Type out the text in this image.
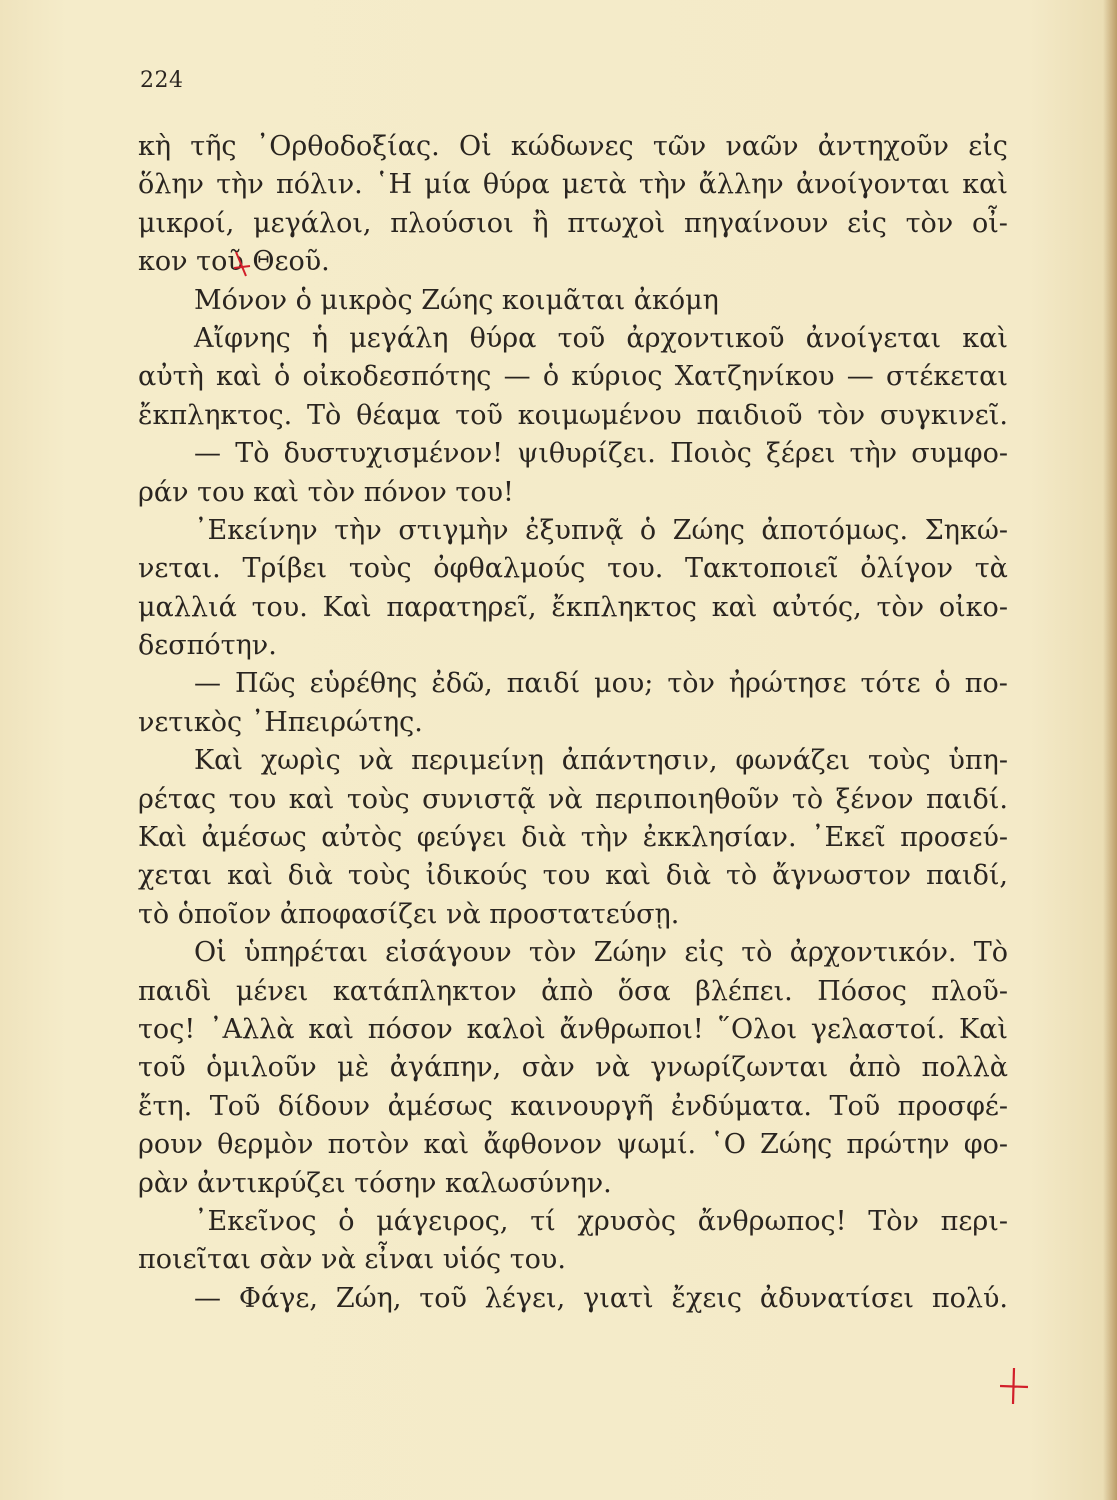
224
κὴ τῆς ᾿Ορθοδοξίας. Οἱ κώδωνες τῶν ναῶν ἀντηχοῦν εἰς
ὅλην τὴν πόλιν. ῾Η μία θύρα μετὰ τὴν ἄλλην ἀνοίγονται καὶ
μικροί, μεγάλοι, πλούσιοι ἢ πτωχοὶ πηγαίνουν εἰς τὸν οἶ-
κον τοῦ Θεοῦ.
Μόνον ὁ μικρὸς Ζώης κοιμᾶται ἀκόμη
Αἴφνης ἡ μεγάλη θύρα τοῦ ἀρχοντικοῦ ἀνοίγεται καὶ
αὐτὴ καὶ ὁ οἰκοδεσπότης — ὁ κύριος Χατζηνίκου — στέκεται
ἔκπληκτος. Τὸ θέαμα τοῦ κοιμωμένου παιδιοῦ τὸν συγκινεῖ.
— Τὸ δυστυχισμένον! ψιθυρίζει. Ποιὸς ξέρει τὴν συμφο-
ράν του καὶ τὸν πόνον του!
᾿Εκείνην τὴν στιγμὴν ἐξυπνᾷ ὁ Ζώης ἀποτόμως. Σηκώ-
νεται. Τρίβει τοὺς ὀφθαλμούς του. Τακτοποιεῖ ὀλίγον τὰ
μαλλιά του. Καὶ παρατηρεῖ, ἔκπληκτος καὶ αὐτός, τὸν οἰκο-
δεσπότην.
— Πῶς εὑρέθης ἐδῶ, παιδί μου; τὸν ἠρώτησε τότε ὁ πο-
νετικὸς ᾿Ηπειρώτης.
Καὶ χωρὶς νὰ περιμείνῃ ἀπάντησιν, φωνάζει τοὺς ὑπη-
ρέτας του καὶ τοὺς συνιστᾷ νὰ περιποιηθοῦν τὸ ξένον παιδί.
Καὶ ἀμέσως αὐτὸς φεύγει διὰ τὴν ἐκκλησίαν. ᾿Εκεῖ προσεύ-
χεται καὶ διὰ τοὺς ἰδικούς του καὶ διὰ τὸ ἄγνωστον παιδί,
τὸ ὁποῖον ἀποφασίζει νὰ προστατεύσῃ.
Οἱ ὑπηρέται εἰσάγουν τὸν Ζώην εἰς τὸ ἀρχοντικόν. Τὸ
παιδὶ μένει κατάπληκτον ἀπὸ ὅσα βλέπει. Πόσος πλοῦ-
τος! ᾿Αλλὰ καὶ πόσον καλοὶ ἄνθρωποι! ῞Ολοι γελαστοί. Καὶ
τοῦ ὁμιλοῦν μὲ ἀγάπην, σὰν νὰ γνωρίζωνται ἀπὸ πολλὰ
ἔτη. Τοῦ δίδουν ἀμέσως καινουργῆ ἐνδύματα. Τοῦ προσφέ-
ρουν θερμὸν ποτὸν καὶ ἄφθονον ψωμί. ῾Ο Ζώης πρώτην φο-
ρὰν ἀντικρύζει τόσην καλωσύνην.
᾿Εκεῖνος ὁ μάγειρος, τί χρυσὸς ἄνθρωπος! Τὸν περι-
ποιεῖται σὰν νὰ εἶναι υἱός του.
— Φάγε, Ζώη, τοῦ λέγει, γιατὶ ἔχεις ἀδυνατίσει πολύ.
